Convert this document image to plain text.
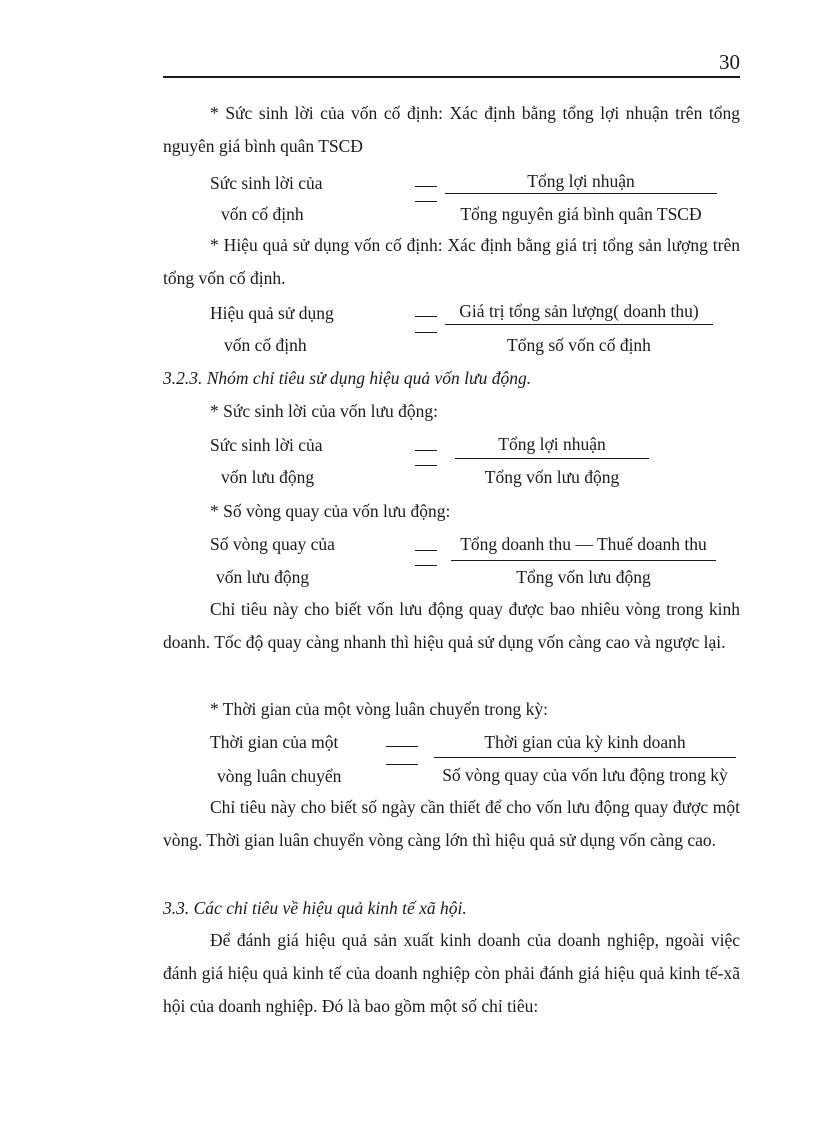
30
* Sức sinh lời của vốn cố định: Xác định bằng tổng lợi nhuận trên tổng nguyên giá bình quân TSCĐ
Sức sinh lời của
vốn cố định
Tổng lợi nhuận
Tổng nguyên giá bình quân TSCĐ
* Hiệu quả sử dụng vốn cố định: Xác định bằng giá trị tổng sản lượng trên tổng vốn cố định.
Hiệu quả sử dụng
vốn cố định
Giá trị tổng sản lượng( doanh thu)
Tổng số vốn cố định
3.2.3. Nhóm chỉ tiêu sử dụng hiệu quả vốn lưu động.
* Sức sinh lời của vốn lưu động:
Sức sinh lời của
vốn lưu động
Tổng lợi nhuận
Tổng vốn lưu động
* Số vòng quay của vốn lưu động:
Số vòng quay của
vốn lưu động
Tổng doanh thu — Thuế doanh thu
Tổng vốn lưu động
Chỉ tiêu này cho biết vốn lưu động quay được bao nhiêu vòng trong kinh doanh. Tốc độ quay càng nhanh thì hiệu quả sử dụng vốn càng cao và ngược lại.
* Thời gian của một vòng luân chuyển trong kỳ:
Thời gian của một
vòng luân chuyển
Thời gian của kỳ kinh doanh
Số vòng quay của vốn lưu động trong kỳ
Chỉ tiêu này cho biết số ngày cần thiết để cho vốn lưu động quay được một vòng. Thời gian luân chuyển vòng càng lớn thì hiệu quả sử dụng vốn càng cao.
3.3. Các chỉ tiêu về hiệu quả kinh tế xã hội.
Để đánh giá hiệu quả sản xuất kinh doanh của doanh nghiệp, ngoài việc đánh giá hiệu quả kinh tế của doanh nghiệp còn phải đánh giá hiệu quả kinh tế-xã hội của doanh nghiệp. Đó là bao gồm một số chỉ tiêu:
